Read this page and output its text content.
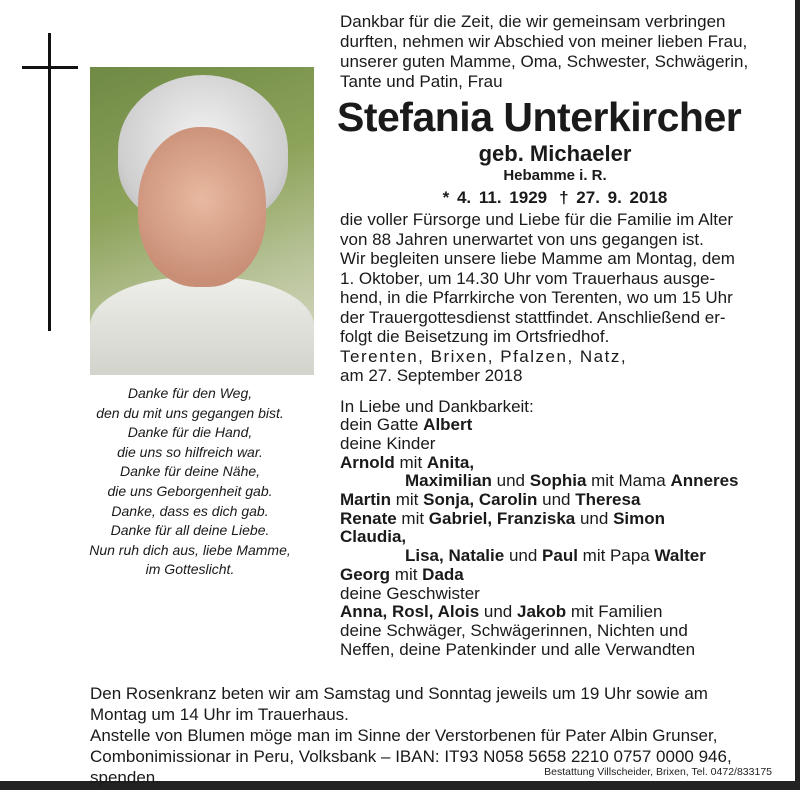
Danke für den Weg,
den du mit uns gegangen bist.
Danke für die Hand,
die uns so hilfreich war.
Danke für deine Nähe,
die uns Geborgenheit gab.
Danke, dass es dich gab.
Danke für all deine Liebe.
Nun ruh dich aus, liebe Mamme,
im Gotteslicht.
Dankbar für die Zeit, die wir gemeinsam verbringen
durften, nehmen wir Abschied von meiner lieben Frau,
unserer guten Mamme, Oma, Schwester, Schwägerin,
Tante und Patin, Frau
Stefania Unterkircher
geb. Michaeler
Hebamme i. R.
* 4. 11. 1929 † 27. 9. 2018
die voller Fürsorge und Liebe für die Familie im Alter
von 88 Jahren unerwartet von uns gegangen ist.
Wir begleiten unsere liebe Mamme am Montag, dem
1. Oktober, um 14.30 Uhr vom Trauerhaus ausge-
hend, in die Pfarrkirche von Terenten, wo um 15 Uhr
der Trauergottesdienst stattfindet. Anschließend er-
folgt die Beisetzung im Ortsfriedhof.
Terenten, Brixen, Pfalzen, Natz,
am 27. September 2018
In Liebe und Dankbarkeit:
dein Gatte Albert
deine Kinder
Arnold mit Anita,
Maximilian und Sophia mit Mama Anneres
Martin mit Sonja, Carolin und Theresa
Renate mit Gabriel, Franziska und Simon
Claudia,
Lisa, Natalie und Paul mit Papa Walter
Georg mit Dada
deine Geschwister
Anna, Rosl, Alois und Jakob mit Familien
deine Schwäger, Schwägerinnen, Nichten und
Neffen, deine Patenkinder und alle Verwandten
Den Rosenkranz beten wir am Samstag und Sonntag jeweils um 19 Uhr sowie am
Montag um 14 Uhr im Trauerhaus.
Anstelle von Blumen möge man im Sinne der Verstorbenen für Pater Albin Grunser,
Combonimissionar in Peru, Volksbank – IBAN: IT93 N058 5658 2210 0757 0000 946,
spenden.	Bestattung Villscheider, Brixen, Tel. 0472/833175
